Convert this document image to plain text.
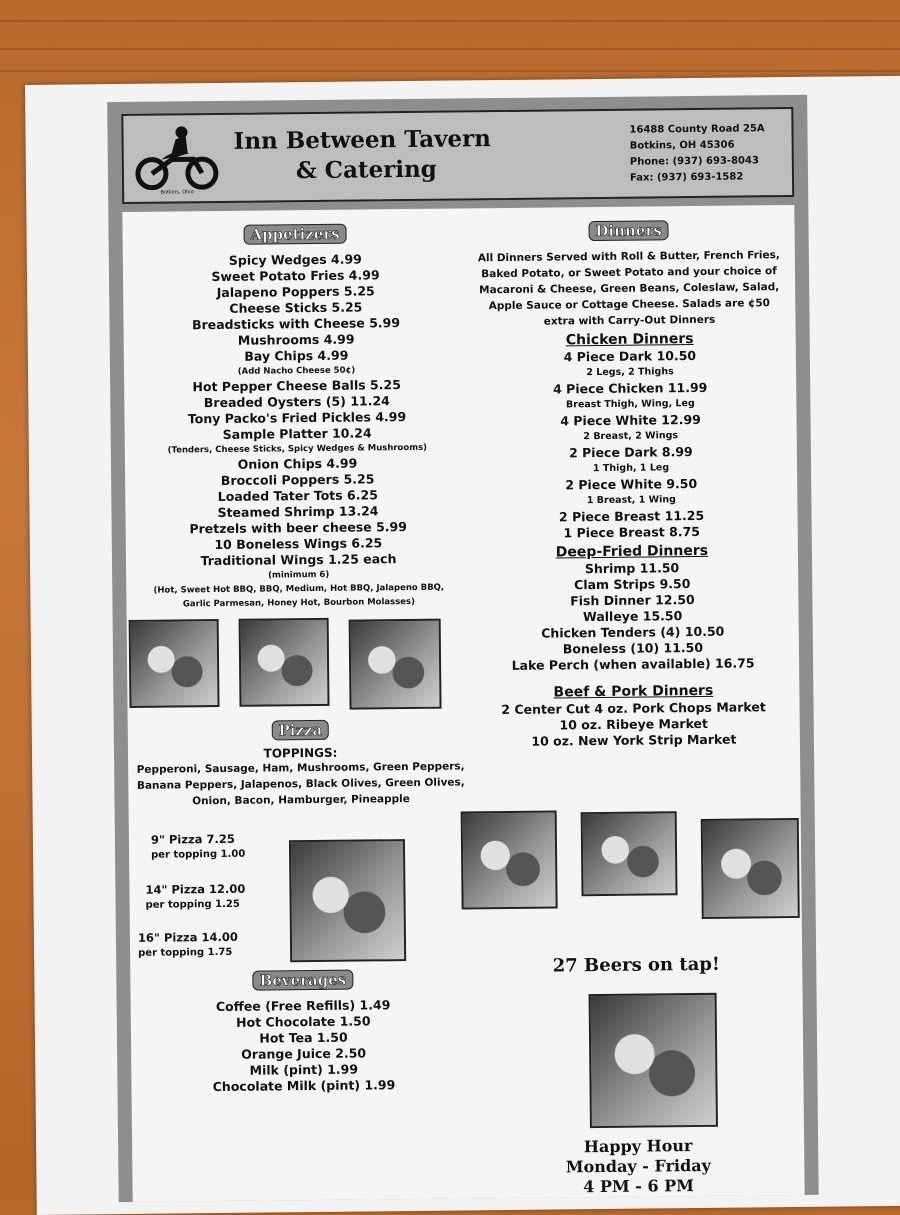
Botkins, Ohio
Inn Between Tavern
& Catering
16488 County Road 25A
Botkins, OH 45306
Phone: (937) 693-8043
Fax: (937) 693-1582
Appetizers
Spicy Wedges 4.99
Sweet Potato Fries 4.99
Jalapeno Poppers 5.25
Cheese Sticks 5.25
Breadsticks with Cheese 5.99
Mushrooms 4.99
Bay Chips 4.99
(Add Nacho Cheese 50¢)
Hot Pepper Cheese Balls 5.25
Breaded Oysters (5) 11.24
Tony Packo's Fried Pickles 4.99
Sample Platter 10.24
(Tenders, Cheese Sticks, Spicy Wedges & Mushrooms)
Onion Chips 4.99
Broccoli Poppers 5.25
Loaded Tater Tots 6.25
Steamed Shrimp 13.24
Pretzels with beer cheese 5.99
10 Boneless Wings 6.25
Traditional Wings 1.25 each
(minimum 6)
(Hot, Sweet Hot BBQ, BBQ, Medium, Hot BBQ, Jalapeno BBQ,
Garlic Parmesan, Honey Hot, Bourbon Molasses)
Pizza
TOPPINGS:
Pepperoni, Sausage, Ham, Mushrooms, Green Peppers,
Banana Peppers, Jalapenos, Black Olives, Green Olives,
Onion, Bacon, Hamburger, Pineapple
9" Pizza 7.25
per topping 1.00
14" Pizza 12.00
per topping 1.25
16" Pizza 14.00
per topping 1.75
Beverages
Coffee (Free Refills) 1.49
Hot Chocolate 1.50
Hot Tea 1.50
Orange Juice 2.50
Milk (pint) 1.99
Chocolate Milk (pint) 1.99
Dinners
All Dinners Served with Roll & Butter, French Fries, Baked Potato, or Sweet Potato and your choice of Macaroni & Cheese, Green Beans, Coleslaw, Salad, Apple Sauce or Cottage Cheese. Salads are ¢50 extra with Carry-Out Dinners
Chicken Dinners
4 Piece Dark 10.50
2 Legs, 2 Thighs
4 Piece Chicken 11.99
Breast Thigh, Wing, Leg
4 Piece White 12.99
2 Breast, 2 Wings
2 Piece Dark 8.99
1 Thigh, 1 Leg
2 Piece White 9.50
1 Breast, 1 Wing
2 Piece Breast 11.25
1 Piece Breast 8.75
Deep-Fried Dinners
Shrimp 11.50
Clam Strips 9.50
Fish Dinner 12.50
Walleye 15.50
Chicken Tenders (4) 10.50
Boneless (10) 11.50
Lake Perch (when available) 16.75
Beef & Pork Dinners
2 Center Cut 4 oz. Pork Chops Market
10 oz. Ribeye Market
10 oz. New York Strip Market
27 Beers on tap!
Happy Hour
Monday - Friday
4 PM - 6 PM
